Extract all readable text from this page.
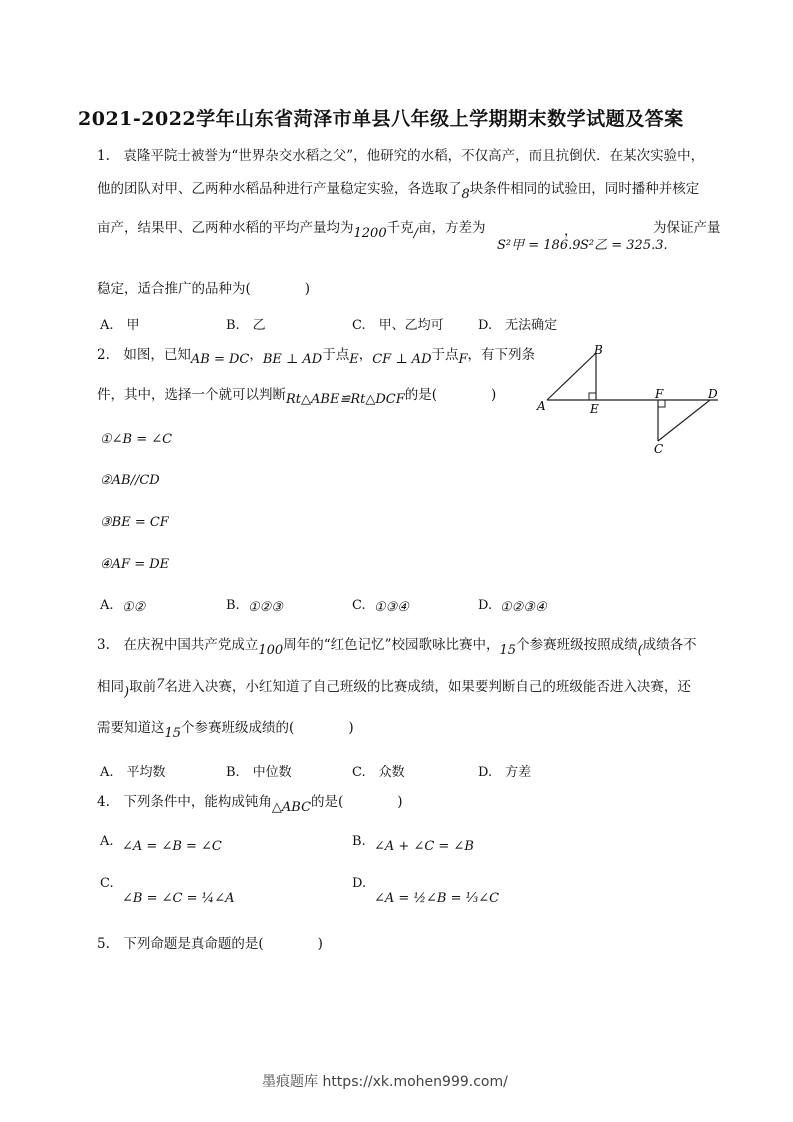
2021-2022学年山东省菏泽市单县八年级上学期期末数学试题及答案
1.　袁隆平院士被誉为“世界杂交水稻之父”，他研究的水稻，不仅高产，而且抗倒伏．在某次实验中，
他的团队对甲、乙两种水稻品种进行产量稳定实验，各选取了8块条件相同的试验田，同时播种并核定
亩产，结果甲、乙两种水稻的平均产量均为1200千克/亩，方差为
S²甲 = 186.9
，
S²乙 = 325.3.
为保证产量
稳定，适合推广的品种为(　　　　)
A.　甲	B.　乙	C.　甲、乙均可	D.　无法确定
2.　如图，已知AB = DC，BE ⊥ AD于点E，CF ⊥ AD于点F，有下列条
件，其中，选择一个就可以判断Rt△ABE≌Rt△DCF的是(　　　　)
B
A	E
F	D
C
①∠B = ∠C
②AB//CD
③BE = CF
④AF = DE
A. ①②	B. ①②③	C. ①③④	D. ①②③④
3.　在庆祝中国共产党成立100周年的“红色记忆”校园歌咏比赛中，15个参赛班级按照成绩(成绩各不
相同)取前7名进入决赛，小红知道了自己班级的比赛成绩，如果要判断自己的班级能否进入决赛，还
需要知道这15个参赛班级成绩的(　　　　)
A.　平均数	B.　中位数	C.　众数	D.　方差
4.　下列条件中，能构成钝角△ABC的是(　　　　)
A. ∠A = ∠B = ∠C	B. ∠A + ∠C = ∠B
C.
∠B = ∠C = ¼∠A
D.
∠A = ½∠B = ⅓∠C
5.　下列命题是真命题的是(　　　　)
墨痕题库 https://xk.mohen999.com/
